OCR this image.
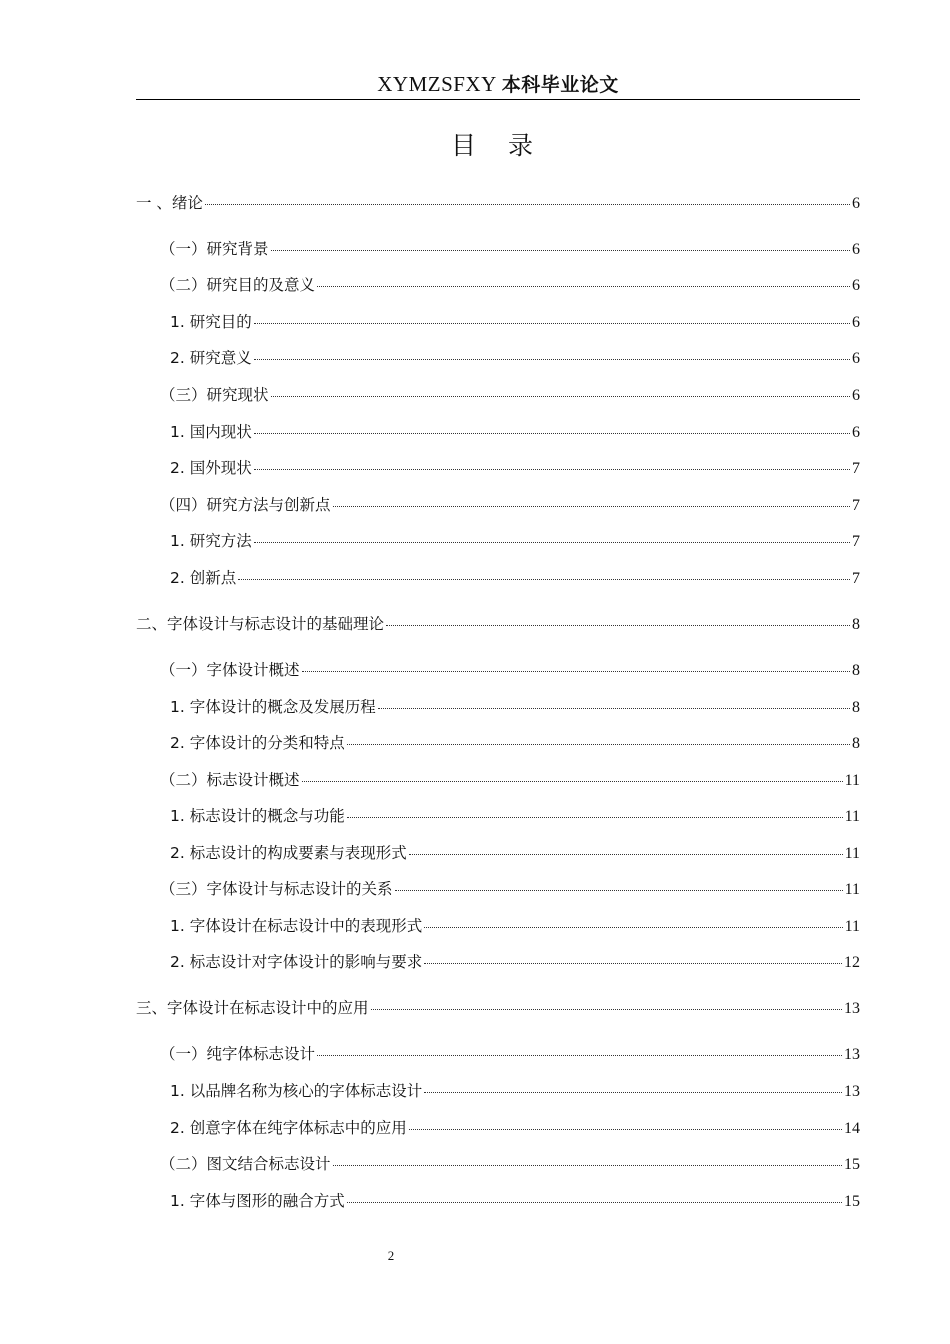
XYMZSFXY 本科毕业论文
目 录
一 、绪论	6
（一）研究背景	6
（二）研究目的及意义	6
1. 研究目的	6
2. 研究意义	6
（三）研究现状	6
1. 国内现状	6
2. 国外现状	7
（四）研究方法与创新点	7
1. 研究方法	7
2. 创新点	7
二、字体设计与标志设计的基础理论	8
（一）字体设计概述	8
1. 字体设计的概念及发展历程	8
2. 字体设计的分类和特点	8
（二）标志设计概述	11
1. 标志设计的概念与功能	11
2. 标志设计的构成要素与表现形式	11
（三）字体设计与标志设计的关系	11
1. 字体设计在标志设计中的表现形式	11
2. 标志设计对字体设计的影响与要求	12
三、字体设计在标志设计中的应用	13
（一）纯字体标志设计	13
1. 以品牌名称为核心的字体标志设计	13
2. 创意字体在纯字体标志中的应用	14
（二）图文结合标志设计	15
1. 字体与图形的融合方式	15
2
